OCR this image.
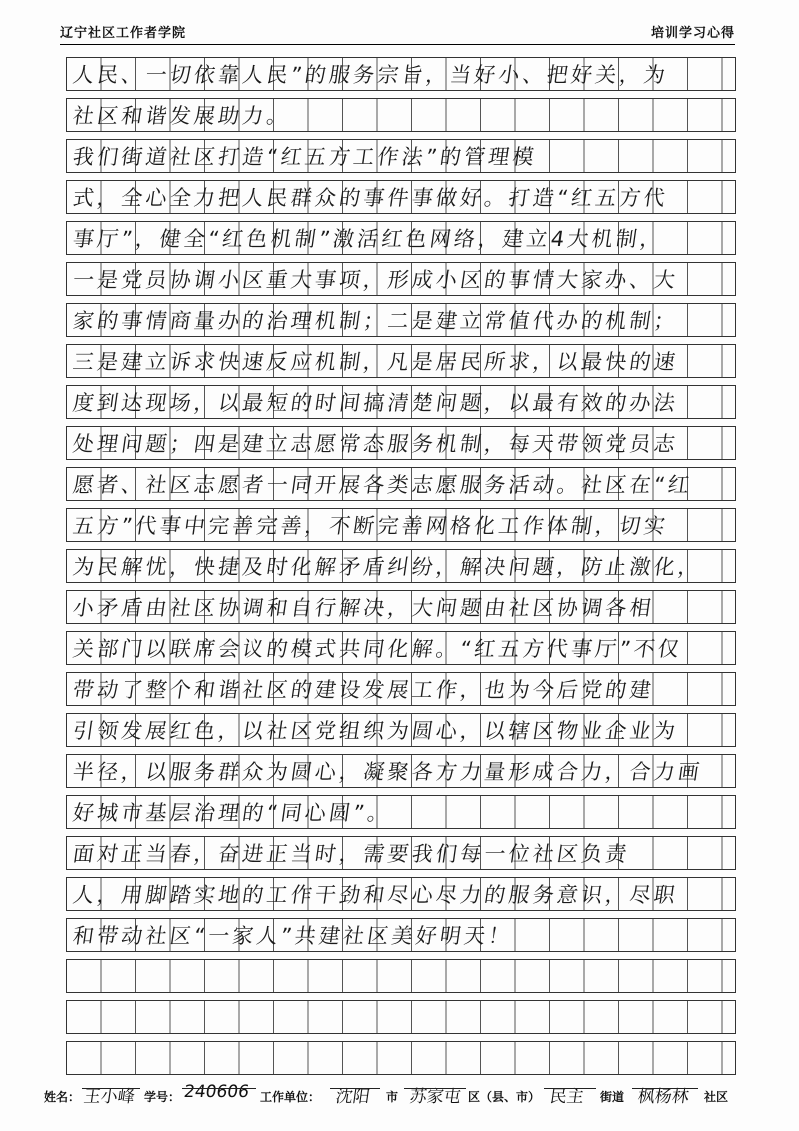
辽宁社区工作者学院	培训学习心得
人民、一切依靠人民”的服务宗旨，当好小、把好关，为
社区和谐发展助力。
我们街道社区打造“红五方工作法”的管理模
式，全心全力把人民群众的事件事做好。打造“红五方代
事厅”，健全“红色机制”激活红色网络，建立4大机制，
一是党员协调小区重大事项，形成小区的事情大家办、大
家的事情商量办的治理机制；二是建立常值代办的机制；
三是建立诉求快速反应机制，凡是居民所求，以最快的速
度到达现场，以最短的时间搞清楚问题，以最有效的办法
处理问题；四是建立志愿常态服务机制，每天带领党员志
愿者、社区志愿者一同开展各类志愿服务活动。社区在“红
五方”代事中完善完善，不断完善网格化工作体制，切实
为民解忧，快捷及时化解矛盾纠纷，解决问题，防止激化，
小矛盾由社区协调和自行解决，大问题由社区协调各相
关部门以联席会议的模式共同化解。“红五方代事厅”不仅
带动了整个和谐社区的建设发展工作，也为今后党的建
引领发展红色，以社区党组织为圆心，以辖区物业企业为
半径，以服务群众为圆心，凝聚各方力量形成合力，合力画
好城市基层治理的“同心圆”。
面对正当春，奋进正当时，需要我们每一位社区负责
人，用脚踏实地的工作干劲和尽心尽力的服务意识，尽职
和带动社区“一家人”共建社区美好明天！
姓名： 王小峰 学号： 240606 工作单位： 沈阳 市 苏家屯 区（县、市） 民主 街道 枫杨林 社区
